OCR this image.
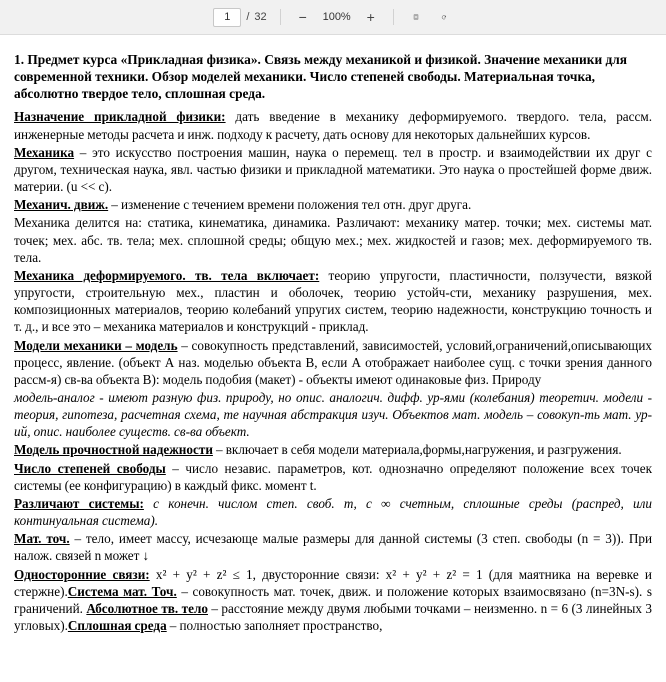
1
/ 32	−	100%	+
1. Предмет курса «Прикладная физика». Связь между механикой и физикой. Значение механики для современной техники. Обзор моделей механики. Число степеней свободы. Материальная точка, абсолютно твердое тело, сплошная среда.

Назначение прикладной физики: дать введение в механику деформируемого. твердого. тела, рассм. инженерные методы расчета и инж. подходу к расчету, дать основу для некоторых дальнейших курсов.

Механика – это искусство построения машин, наука о перемещ. тел в простр. и взаимодействии их друг с другом, техническая наука, явл. частью физики и прикладной математики. Это наука о простейшей форме движ. материи. (u << c).

Механич. движ. – изменение с течением времени положения тел отн. друг друга.

Механика делится на: статика, кинематика, динамика. Различают: механику матер. точки; мех. системы мат. точек; мех. абс. тв. тела; мех. сплошной среды; общую мех.; мех. жидкостей и газов; мех. деформируемого тв. тела.

Механика деформируемого. тв. тела включает: теорию упругости, пластичности, ползучести, вязкой упругости, строительную мех., пластин и оболочек, теорию устойч-сти, механику разрушения, мех. композиционных материалов, теорию колебаний упругих систем, теорию надежности, конструкцию точность и т. д., и все это – механика материалов и конструкций - приклад.

Модели механики – модель – совокупность представлений, зависимостей, условий,ограничений,описывающих процесс, явление. (объект А наз. моделью объекта В, если А отображает наиболее сущ. с точки зрения данного рассм-я) св-ва объекта В): модель подобия (макет) - объекты имеют одинаковые физ. Природу

модель-аналог - имеют разную физ. природу, но опис. аналогич. дифф. ур-ями (колебания) теоретич. модели - теория, гипотеза, расчетная схема, те научная абстракция изуч. Объектов мат. модель – совокуп-ть мат. ур-ий, опис. наиболее существ. св-ва объект.

Модель прочностной надежности – включает в себя модели материала,формы,нагружения, и разгружения.

Число степеней свободы – число независ. параметров, кот. однозначно определяют положение всех точек системы (ее конфигурацию) в каждый фикс. момент t.

Различают системы: с конечн. числом степ. своб. m, с ∞ счетным, сплошные среды (распред, или континуальная система).

Мат. точ. – тело, имеет массу, исчезающе малые размеры для данной системы (3 степ. свободы (n = 3)). При налож. связей n может ↓

Односторонние связи: x² + y² + z² ≤ 1, двусторонние связи: x² + y² + z² = 1 (для маятника на веревке и стержне).Система мат. Точ. – совокупность мат. точек, движ. и положение которых взаимосвязано (n=3N-s). s граничений. Абсолютное тв. тело – расстояние между двумя любыми точками – неизменно. n = 6 (3 линейных 3 угловых).Сплошная среда – полностью заполняет пространство,
